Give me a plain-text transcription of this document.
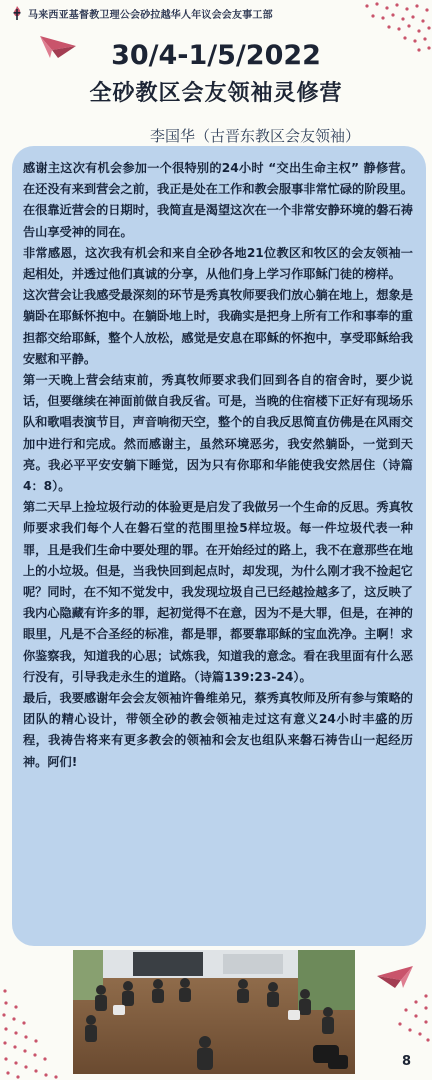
马来西亚基督教卫理公会砂拉越华人年议会会友事工部
30/4-1/5/2022
全砂教区会友领袖灵修营
李国华（古晋东教区会友领袖）

感谢主这次有机会参加一个很特别的24小时 “交出生命主权” 静修营。在还没有来到营会之前，我正是处在工作和教会服事非常忙碌的阶段里。在很靠近营会的日期时，我简直是渴望这次在一个非常安静环境的磐石祷告山享受神的同在。

非常感恩，这次我有机会和来自全砂各地21位教区和牧区的会友领袖一起相处，并透过他们真诚的分享，从他们身上学习作耶稣门徒的榜样。

这次营会让我感受最深刻的环节是秀真牧师要我们放心躺在地上，想象是躺卧在耶稣怀抱中。在躺卧地上时，我确实是把身上所有工作和事奉的重担都交给耶稣，整个人放松，感觉是安息在耶稣的怀抱中，享受耶稣给我安慰和平静。

第一天晚上营会结束前，秀真牧师要求我们回到各自的宿舍时，要少说话，但要继续在神面前做自我反省。可是，当晚的住宿楼下正好有现场乐队和歌唱表演节目，声音响彻天空，整个的自我反思简直仿佛是在风雨交加中进行和完成。然而感谢主，虽然环境恶劣，我安然躺卧，一觉到天亮。我必平平安安躺下睡觉，因为只有你耶和华能使我安然居住（诗篇4：8）。

第二天早上捡垃圾行动的体验更是启发了我做另一个生命的反思。秀真牧师要求我们每个人在磐石堂的范围里捡5样垃圾。每一件垃圾代表一种罪，且是我们生命中要处理的罪。在开始经过的路上，我不在意那些在地上的小垃圾。但是，当我快回到起点时，却发现，为什么刚才我不捡起它呢？同时，在不知不觉发中，我发现垃圾自己已经越捡越多了，这反映了我内心隐藏有许多的罪，起初觉得不在意，因为不是大罪，但是，在神的眼里，凡是不合圣经的标准，都是罪，都要靠耶稣的宝血洗净。主啊！求你鉴察我，知道我的心思；试炼我，知道我的意念。看在我里面有什么恶行没有，引导我走永生的道路。（诗篇139:23-24）。

最后，我要感谢年会会友领袖许鲁维弟兄，蔡秀真牧师及所有参与策略的团队的精心设计，带领全砂的教会领袖走过这有意义24小时丰盛的历程，我祷告将来有更多教会的领袖和会友也组队来磐石祷告山一起经历神。阿们!

8
